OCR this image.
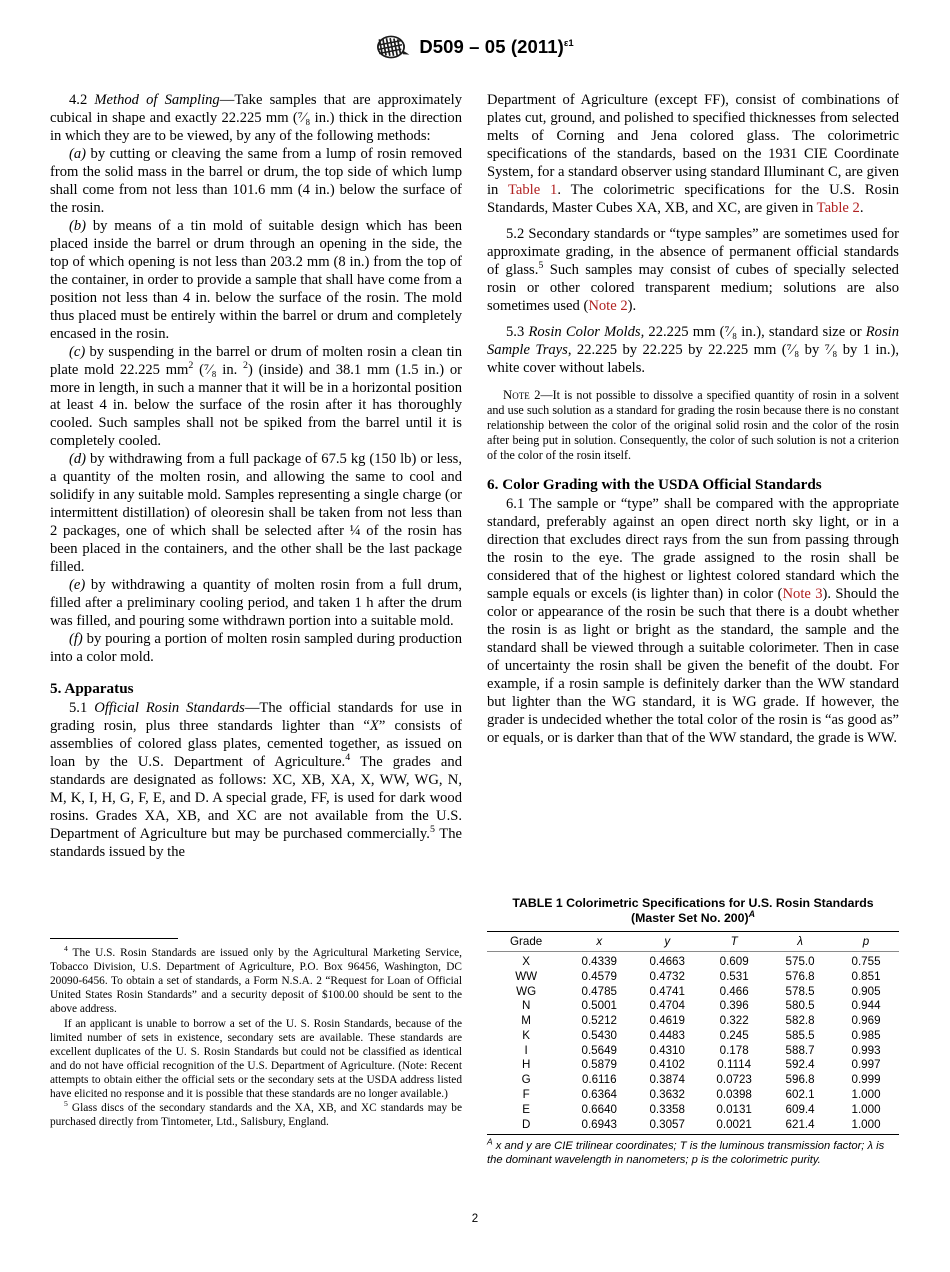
D509 – 05 $(2011)^{\varepsilon 1}$

4.2 Method of Sampling—Take samples that are approximately cubical in shape and exactly 22.225 mm (⁷⁄₈ in.) thick in the direction in which they are to be viewed, by any of the following methods:

(a) by cutting or cleaving the same from a lump of rosin removed from the solid mass in the barrel or drum, the top side of which lump shall come from not less than 101.6 mm (4 in.) below the surface of the rosin.

(b) by means of a tin mold of suitable design which has been placed inside the barrel or drum through an opening in the side, the top of which opening is not less than 203.2 mm (8 in.) from the top of the container, in order to provide a sample that shall have come from a position not less than 4 in. below the surface of the rosin. The mold thus placed must be entirely within the barrel or drum and completely encased in the rosin.

(c) by suspending in the barrel or drum of molten rosin a clean tin plate mold 22.225 $mm^2$ (⁷⁄₈ in. $^2$) (inside) and 38.1 mm (1.5 in.) or more in length, in such a manner that it will be in a horizontal position at least 4 in. below the surface of the rosin after it has thoroughly cooled. Such samples shall not be spiked from the barrel until it is completely cooled.

(d) by withdrawing from a full package of 67.5 kg (150 lb) or less, a quantity of the molten rosin, and allowing the same to cool and solidify in any suitable mold. Samples representing a single charge (or intermittent distillation) of oleoresin shall be taken from not less than 2 packages, one of which shall be selected after ¼ of the rosin has been placed in the containers, and the other shall be the last package filled.

(e) by withdrawing a quantity of molten rosin from a full drum, filled after a preliminary cooling period, and taken 1 h after the drum was filled, and pouring some withdrawn portion into a suitable mold.

(f) by pouring a portion of molten rosin sampled during production into a color mold.

5. Apparatus

5.1 Official Rosin Standards—The official standards for use in grading rosin, plus three standards lighter than “X” consists of assemblies of colored glass plates, cemented together, as issued on loan by the U.S. Department of Agriculture.$^4$ The grades and standards are designated as follows: XC, XB, XA, X, WW, WG, N, M, K, I, H, G, F, E, and D. A special grade, FF, is used for dark wood rosins. Grades XA, XB, and XC are not available from the U.S. Department of Agriculture but may be purchased commercially.$^5$ The standards issued by the

$^4$ The U.S. Rosin Standards are issued only by the Agricultural Marketing Service, Tobacco Division, U.S. Department of Agriculture, P.O. Box 96456, Washington, DC 20090-6456. To obtain a set of standards, a Form N.S.A. 2 “Request for Loan of Official United States Rosin Standards” and a security deposit of $100.00 should be sent to the above address.

If an applicant is unable to borrow a set of the U. S. Rosin Standards, because of the limited number of sets in existence, secondary sets are available. These standards are excellent duplicates of the U. S. Rosin Standards but could not be classified as identical and do not have official recognition of the U.S. Department of Agriculture. (Note: Recent attempts to obtain either the official sets or the secondary sets at the USDA address listed have elicited no response and it is possible that these standards are no longer available.)

$^5$ Glass discs of the secondary standards and the XA, XB, and XC standards may be purchased directly from Tintometer, Ltd., Salisbury, England.

Department of Agriculture (except FF), consist of combinations of plates cut, ground, and polished to specified thicknesses from selected melts of Corning and Jena colored glass. The colorimetric specifications of the standards, based on the 1931 CIE Coordinate System, for a standard observer using standard Illuminant C, are given in Table 1. The colorimetric specifications for the U.S. Rosin Standards, Master Cubes XA, XB, and XC, are given in Table 2.

5.2 Secondary standards or “type samples” are sometimes used for approximate grading, in the absence of permanent official standards of glass.$^5$ Such samples may consist of cubes of specially selected rosin or other colored transparent medium; solutions are also sometimes used (Note 2).

5.3 Rosin Color Molds, 22.225 mm (⁷⁄₈ in.), standard size or Rosin Sample Trays, 22.225 by 22.225 by 22.225 mm (⁷⁄₈ by ⁷⁄₈ by 1 in.), white cover without labels.

Note 2—It is not possible to dissolve a specified quantity of rosin in a solvent and use such solution as a standard for grading the rosin because there is no constant relationship between the color of the original solid rosin and the color of the rosin after being put in solution. Consequently, the color of such solution is not a criterion of the color of the rosin itself.

6. Color Grading with the USDA Official Standards

6.1 The sample or “type” shall be compared with the appropriate standard, preferably against an open direct north sky light, or in a direction that excludes direct rays from the sun from passing through the rosin to the eye. The grade assigned to the rosin shall be considered that of the highest or lightest colored standard which the sample equals or excels (is lighter than) in color (Note 3). Should the color or appearance of the rosin be such that there is a doubt whether the rosin is as light or bright as the standard, the sample and the standard shall be viewed through a suitable colorimeter. Then in case of uncertainty the rosin shall be given the benefit of the doubt. For example, if a rosin sample is definitely darker than the WW standard but lighter than the WG standard, it is WG grade. If however, the grader is undecided whether the total color of the rosin is “as good as” or equals, or is darker than that of the WW standard, the grade is WW.

TABLE 1 Colorimetric Specifications for U.S. Rosin Standards
(Master Set No. 200)$^A$
Grade	x	y	T	λ	p
X	0.4339	0.4663	0.609	575.0	0.755
WW	0.4579	0.4732	0.531	576.8	0.851
WG	0.4785	0.4741	0.466	578.5	0.905
N	0.5001	0.4704	0.396	580.5	0.944
M	0.5212	0.4619	0.322	582.8	0.969
K	0.5430	0.4483	0.245	585.5	0.985
I	0.5649	0.4310	0.178	588.7	0.993
H	0.5879	0.4102	0.1114	592.4	0.997
G	0.6116	0.3874	0.0723	596.8	0.999
F	0.6364	0.3632	0.0398	602.1	1.000
E	0.6640	0.3358	0.0131	609.4	1.000
D	0.6943	0.3057	0.0021	621.4	1.000
$^A$ x and y are CIE trilinear coordinates; T is the luminous transmission factor; λ is the dominant wavelength in nanometers; p is the colorimetric purity.
2
